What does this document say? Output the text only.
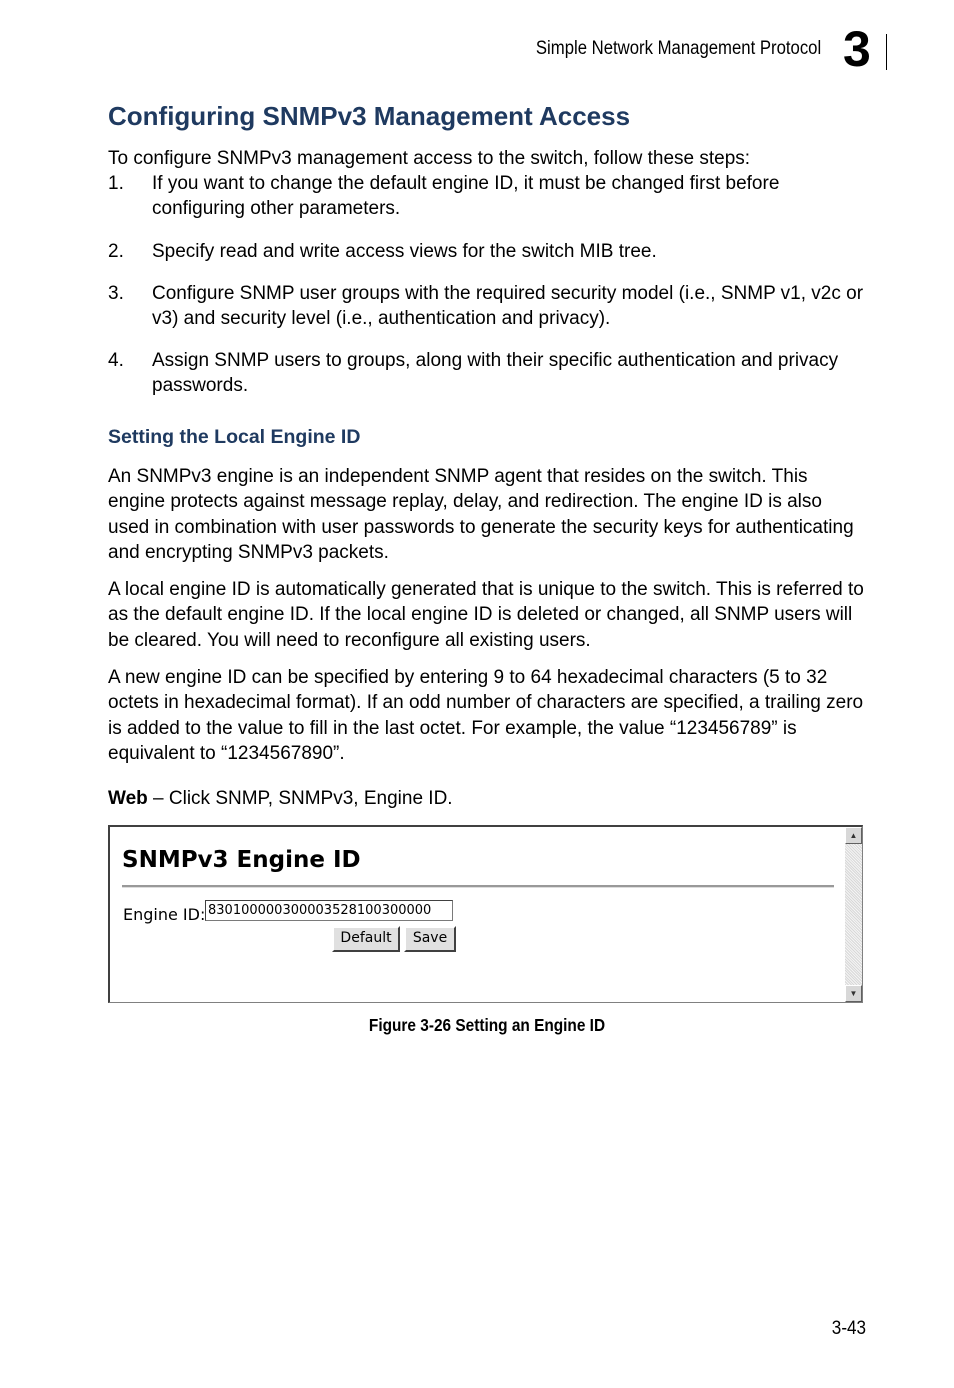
Simple Network Management Protocol 3
Configuring SNMPv3 Management Access
To configure SNMPv3 management access to the switch, follow these steps:
1. If you want to change the default engine ID, it must be changed first before configuring other parameters.
2. Specify read and write access views for the switch MIB tree.
3. Configure SNMP user groups with the required security model (i.e., SNMP v1, v2c or v3) and security level (i.e., authentication and privacy).
4. Assign SNMP users to groups, along with their specific authentication and privacy passwords.
Setting the Local Engine ID
An SNMPv3 engine is an independent SNMP agent that resides on the switch. This engine protects against message replay, delay, and redirection. The engine ID is also used in combination with user passwords to generate the security keys for authenticating and encrypting SNMPv3 packets.
A local engine ID is automatically generated that is unique to the switch. This is referred to as the default engine ID. If the local engine ID is deleted or changed, all SNMP users will be cleared. You will need to reconfigure all existing users.
A new engine ID can be specified by entering 9 to 64 hexadecimal characters (5 to 32 octets in hexadecimal format). If an odd number of characters are specified, a trailing zero is added to the value to fill in the last octet. For example, the value “123456789” is equivalent to “1234567890”.
Web – Click SNMP, SNMPv3, Engine ID.
SNMPv3 Engine ID
Engine ID: 830100000300003528100300000
Default	Save
▲
▼
Figure 3-26 Setting an Engine ID
3-43
